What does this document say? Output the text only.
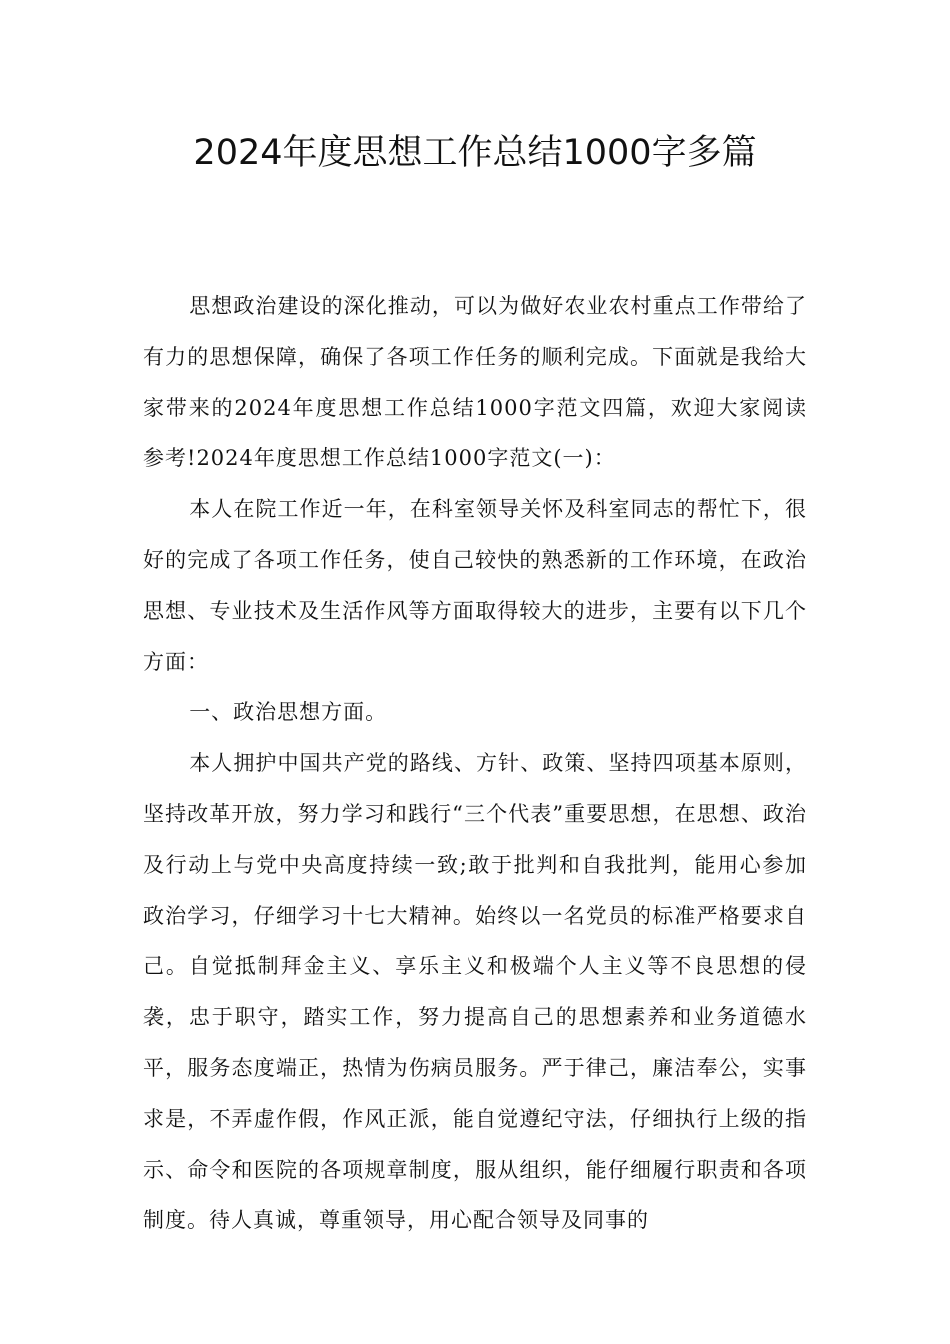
2024年度思想工作总结1000字多篇

思想政治建设的深化推动，可以为做好农业农村重点工作带给了有力的思想保障，确保了各项工作任务的顺利完成。下面就是我给大家带来的2024年度思想工作总结1000字范文四篇，欢迎大家阅读参考!2024年度思想工作总结1000字范文(一)：

本人在院工作近一年，在科室领导关怀及科室同志的帮忙下，很好的完成了各项工作任务，使自己较快的熟悉新的工作环境，在政治思想、专业技术及生活作风等方面取得较大的进步，主要有以下几个方面：

一、政治思想方面。

本人拥护中国共产党的路线、方针、政策、坚持四项基本原则，坚持改革开放，努力学习和践行“三个代表”重要思想，在思想、政治及行动上与党中央高度持续一致;敢于批判和自我批判，能用心参加政治学习，仔细学习十七大精神。始终以一名党员的标准严格要求自己。自觉抵制拜金主义、享乐主义和极端个人主义等不良思想的侵袭，忠于职守，踏实工作，努力提高自己的思想素养和业务道德水平，服务态度端正，热情为伤病员服务。严于律己，廉洁奉公，实事求是，不弄虚作假，作风正派，能自觉遵纪守法，仔细执行上级的指示、命令和医院的各项规章制度，服从组织，能仔细履行职责和各项制度。待人真诚，尊重领导，用心配合领导及同事的
